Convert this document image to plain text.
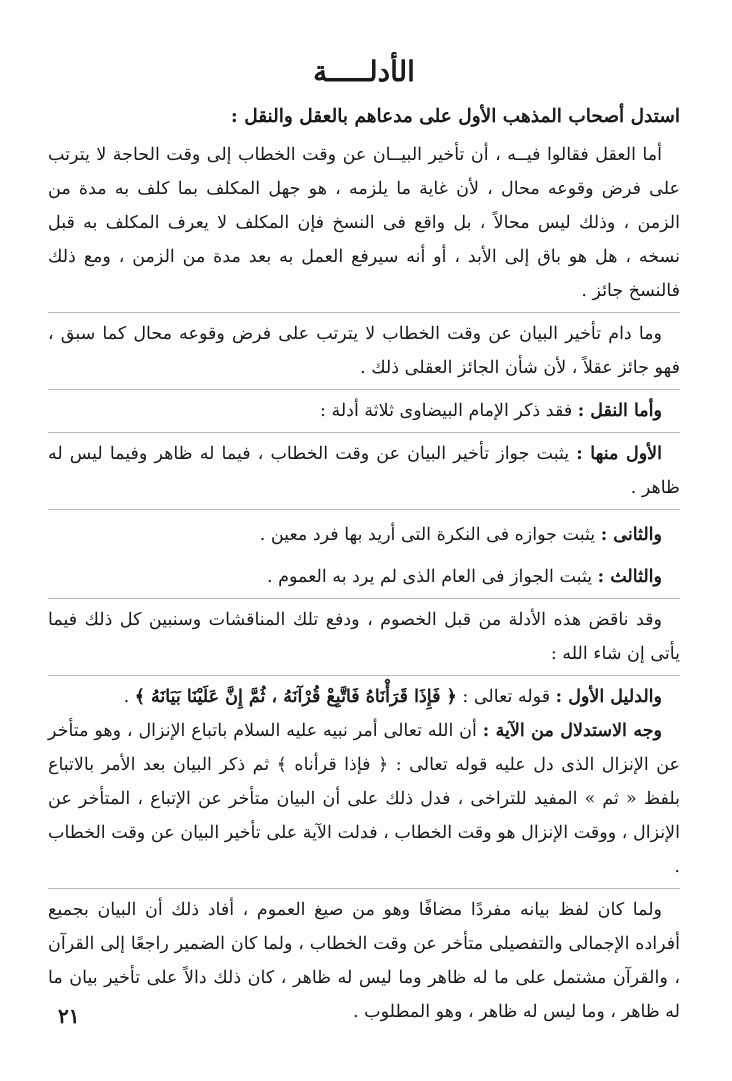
الأدلـــــة
استدل أصحاب المذهب الأول على مدعاهم بالعقل والنقل :

أما العقل فقالوا فيــه ، أن تأخير البيــان عن وقت الخطاب إلى وقت الحاجة لا يترتب على فرض وقوعه محال ، لأن غاية ما يلزمه ، هو جهل المكلف بما كلف به مدة من الزمن ، وذلك ليس محالاً ، بل واقع فى النسخ فإن المكلف لا يعرف المكلف به قبل نسخه ، هل هو باق إلى الأبد ، أو أنه سيرفع العمل به بعد مدة من الزمن ، ومع ذلك فالنسخ جائز .

وما دام تأخير البيان عن وقت الخطاب لا يترتب على فرض وقوعه محال كما سبق ، فهو جائز عقلاً ، لأن شأن الجائز العقلى ذلك .

وأما النقل : فقد ذكر الإمام البيضاوى ثلاثة أدلة :

الأول منها : يثبت جواز تأخير البيان عن وقت الخطاب ، فيما له ظاهر وفيما ليس له ظاهر .

والثانى : يثبت جوازه فى النكرة التى أريد بها فرد معين .

والثالث : يثبت الجواز فى العام الذى لم يرد به العموم .

وقد ناقض هذه الأدلة من قبل الخصوم ، ودفع تلك المناقشات وسنبين كل ذلك فيما يأتى إن شاء الله :

والدليل الأول : قوله تعالى : ﴿ فَإِذَا قَرَأْنَاهُ فَاتَّبِعْ قُرْآنَهُ ، ثُمَّ إِنَّ عَلَيْنَا بَيَانَهُ ﴾ .

وجه الاستدلال من الآية : أن الله تعالى أمر نبيه عليه السلام باتباع الإنزال ، وهو متأخر عن الإنزال الذى دل عليه قوله تعالى : ﴿ فإذا قرأناه ﴾ ثم ذكر البيان بعد الأمر بالاتباع بلفظ « ثم » المفيد للتراخى ، فدل ذلك على أن البيان متأخر عن الإتباع ، المتأخر عن الإنزال ، ووقت الإنزال هو وقت الخطاب ، فدلت الآية على تأخير البيان عن وقت الخطاب .

ولما كان لفظ بيانه مفردًا مضافًا وهو من صيغ العموم ، أفاد ذلك أن البيان بجميع أفراده الإجمالى والتفصيلى متأخر عن وقت الخطاب ، ولما كان الضمير راجعًا إلى القرآن ، والقرآن مشتمل على ما له ظاهر وما ليس له ظاهر ، كان ذلك دالاً على تأخير بيان ما له ظاهر ، وما ليس له ظاهر ، وهو المطلوب .

٢١
